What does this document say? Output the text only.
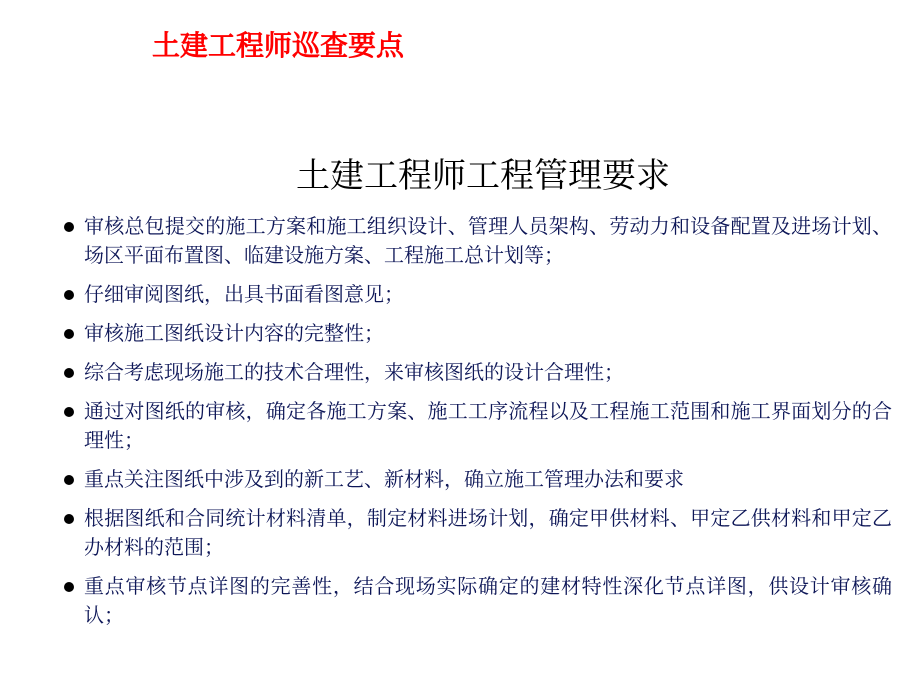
土建工程师巡查要点
土建工程师工程管理要求
审核总包提交的施工方案和施工组织设计、管理人员架构、劳动力和设备配置及进场计划、场区平面布置图、临建设施方案、工程施工总计划等；
仔细审阅图纸，出具书面看图意见；
审核施工图纸设计内容的完整性；
综合考虑现场施工的技术合理性，来审核图纸的设计合理性；
通过对图纸的审核，确定各施工方案、施工工序流程以及工程施工范围和施工界面划分的合理性；
重点关注图纸中涉及到的新工艺、新材料，确立施工管理办法和要求
根据图纸和合同统计材料清单，制定材料进场计划，确定甲供材料、甲定乙供材料和甲定乙办材料的范围；
重点审核节点详图的完善性，结合现场实际确定的建材特性深化节点详图，供设计审核确认；
